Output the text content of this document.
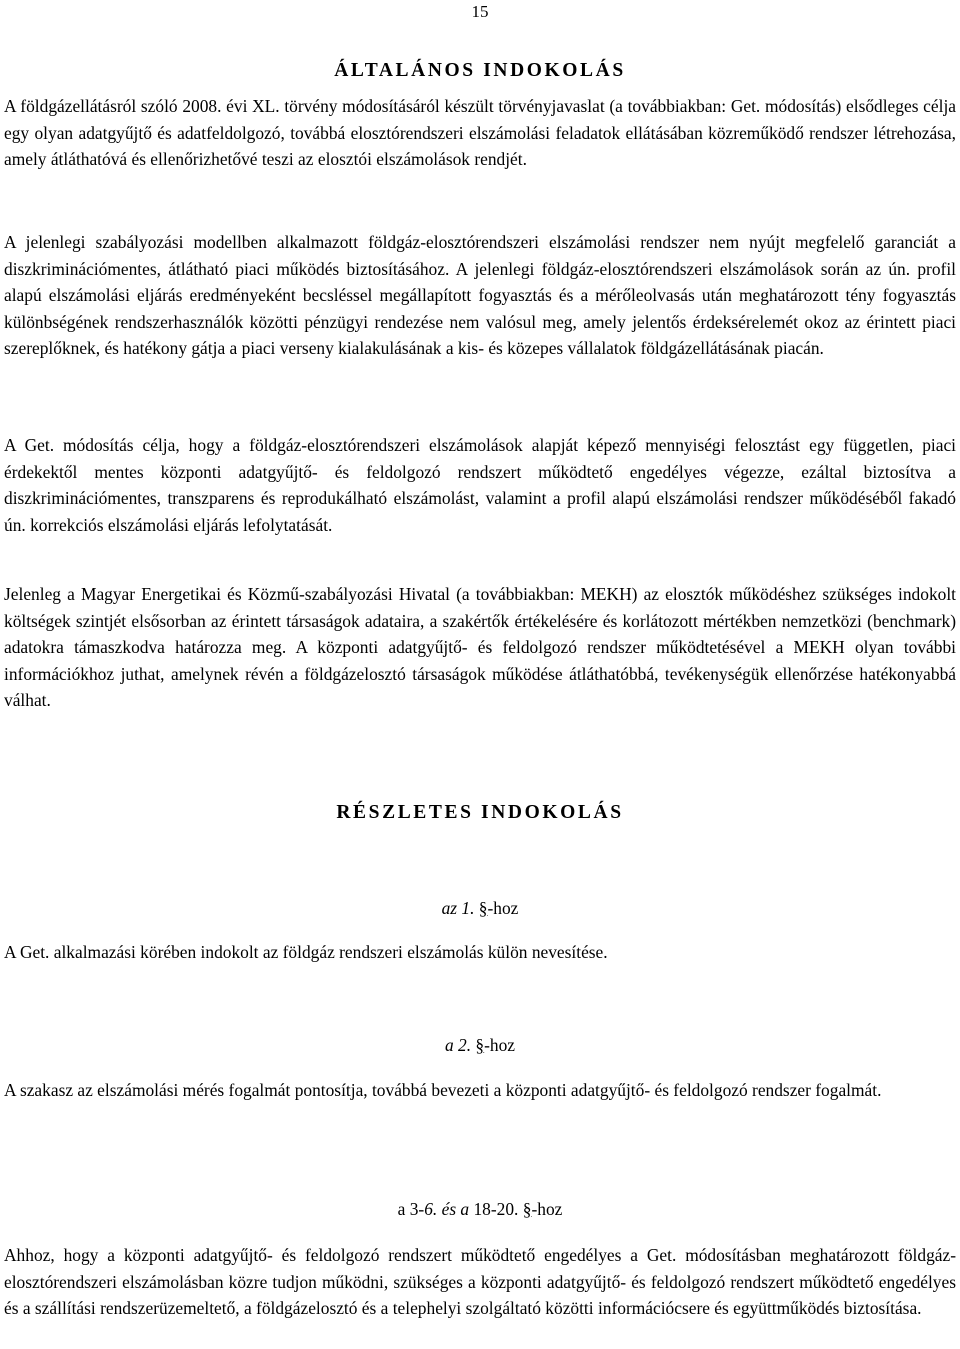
15
ÁLTALÁNOS INDOKOLÁS

A földgázellátásról szóló 2008. évi XL. törvény módosításáról készült törvényjavaslat (a továbbiakban: Get. módosítás) elsődleges célja egy olyan adatgyűjtő és adatfeldolgozó, továbbá elosztórendszeri elszámolási feladatok ellátásában közreműködő rendszer létrehozása, amely átláthatóvá és ellenőrizhetővé teszi az elosztói elszámolások rendjét.

A jelenlegi szabályozási modellben alkalmazott földgáz-elosztórendszeri elszámolási rendszer nem nyújt megfelelő garanciát a diszkriminációmentes, átlátható piaci működés biztosításához. A jelenlegi földgáz-elosztórendszeri elszámolások során az ún. profil alapú elszámolási eljárás eredményeként becsléssel megállapított fogyasztás és a mérőleolvasás után meghatározott tény fogyasztás különbségének rendszerhasználók közötti pénzügyi rendezése nem valósul meg, amely jelentős érdeksérelemét okoz az érintett piaci szereplőknek, és hatékony gátja a piaci verseny kialakulásának a kis- és közepes vállalatok földgázellátásának piacán.

A Get. módosítás célja, hogy a földgáz-elosztórendszeri elszámolások alapját képező mennyiségi felosztást egy független, piaci érdekektől mentes központi adatgyűjtő- és feldolgozó rendszert működtető engedélyes végezze, ezáltal biztosítva a diszkriminációmentes, transzparens és reprodukálható elszámolást, valamint a profil alapú elszámolási rendszer működéséből fakadó ún. korrekciós elszámolási eljárás lefolytatását.

Jelenleg a Magyar Energetikai és Közmű-szabályozási Hivatal (a továbbiakban: MEKH) az elosztók működéshez szükséges indokolt költségek szintjét elsősorban az érintett társaságok adataira, a szakértők értékelésére és korlátozott mértékben nemzetközi (benchmark) adatokra támaszkodva határozza meg. A központi adatgyűjtő- és feldolgozó rendszer működtetésével a MEKH olyan további információkhoz juthat, amelynek révén a földgázelosztó társaságok működése átláthatóbbá, tevékenységük ellenőrzése hatékonyabbá válhat.

RÉSZLETES INDOKOLÁS
az 1. §-hoz

A Get. alkalmazási körében indokolt az földgáz rendszeri elszámolás külön nevesítése.

a 2. §-hoz

A szakasz az elszámolási mérés fogalmát pontosítja, továbbá bevezeti a központi adatgyűjtő- és feldolgozó rendszer fogalmát.

a 3-6. és a 18-20. §-hoz

Ahhoz, hogy a központi adatgyűjtő- és feldolgozó rendszert működtető engedélyes a Get. módosításban meghatározott földgáz-elosztórendszeri elszámolásban közre tudjon működni, szükséges a központi adatgyűjtő- és feldolgozó rendszert működtető engedélyes és a szállítási rendszerüzemeltető, a földgázelosztó és a telephelyi szolgáltató közötti információcsere és együttműködés biztosítása.
